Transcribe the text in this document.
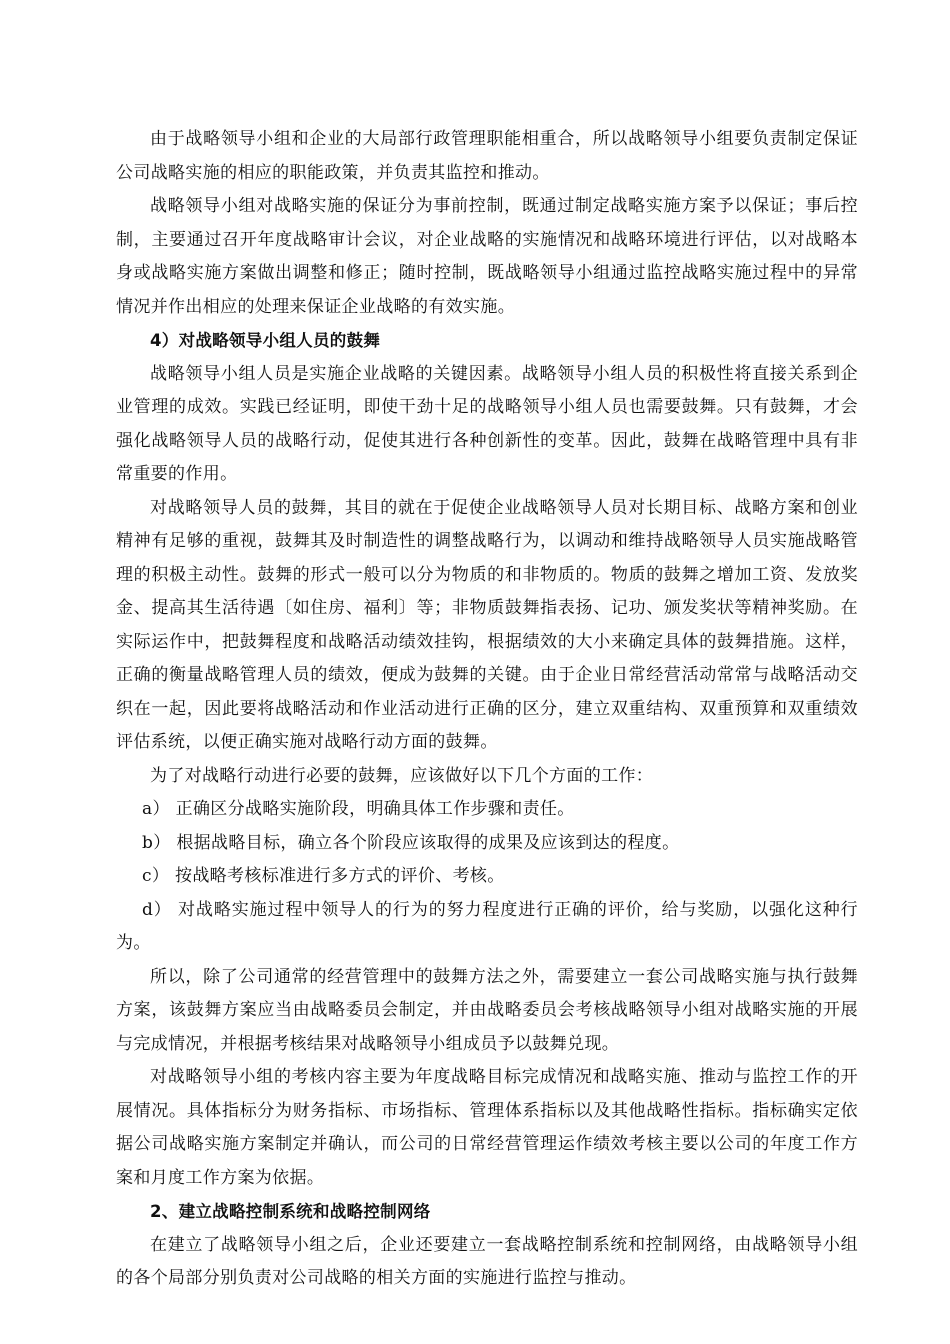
由于战略领导小组和企业的大局部行政管理职能相重合，所以战略领导小组要负责制定保证公司战略实施的相应的职能政策，并负责其监控和推动。

战略领导小组对战略实施的保证分为事前控制，既通过制定战略实施方案予以保证；事后控制，主要通过召开年度战略审计会议，对企业战略的实施情况和战略环境进行评估，以对战略本身或战略实施方案做出调整和修正；随时控制，既战略领导小组通过监控战略实施过程中的异常情况并作出相应的处理来保证企业战略的有效实施。

4）对战略领导小组人员的鼓舞

战略领导小组人员是实施企业战略的关键因素。战略领导小组人员的积极性将直接关系到企业管理的成效。实践已经证明，即使干劲十足的战略领导小组人员也需要鼓舞。只有鼓舞，才会强化战略领导人员的战略行动，促使其进行各种创新性的变革。因此，鼓舞在战略管理中具有非常重要的作用。

对战略领导人员的鼓舞，其目的就在于促使企业战略领导人员对长期目标、战略方案和创业精神有足够的重视，鼓舞其及时制造性的调整战略行为，以调动和维持战略领导人员实施战略管理的积极主动性。鼓舞的形式一般可以分为物质的和非物质的。物质的鼓舞之增加工资、发放奖金、提高其生活待遇〔如住房、福利〕等；非物质鼓舞指表扬、记功、颁发奖状等精神奖励。在实际运作中，把鼓舞程度和战略活动绩效挂钩，根据绩效的大小来确定具体的鼓舞措施。这样，正确的衡量战略管理人员的绩效，便成为鼓舞的关键。由于企业日常经营活动常常与战略活动交织在一起，因此要将战略活动和作业活动进行正确的区分，建立双重结构、双重预算和双重绩效评估系统，以便正确实施对战略行动方面的鼓舞。

为了对战略行动进行必要的鼓舞，应该做好以下几个方面的工作：

a） 正确区分战略实施阶段，明确具体工作步骤和责任。

b） 根据战略目标，确立各个阶段应该取得的成果及应该到达的程度。

c） 按战略考核标准进行多方式的评价、考核。

d） 对战略实施过程中领导人的行为的努力程度进行正确的评价，给与奖励，以强化这种行为。

所以，除了公司通常的经营管理中的鼓舞方法之外，需要建立一套公司战略实施与执行鼓舞方案，该鼓舞方案应当由战略委员会制定，并由战略委员会考核战略领导小组对战略实施的开展与完成情况，并根据考核结果对战略领导小组成员予以鼓舞兑现。

对战略领导小组的考核内容主要为年度战略目标完成情况和战略实施、推动与监控工作的开展情况。具体指标分为财务指标、市场指标、管理体系指标以及其他战略性指标。指标确实定依据公司战略实施方案制定并确认，而公司的日常经营管理运作绩效考核主要以公司的年度工作方案和月度工作方案为依据。

2、建立战略控制系统和战略控制网络

在建立了战略领导小组之后，企业还要建立一套战略控制系统和控制网络，由战略领导小组的各个局部分别负责对公司战略的相关方面的实施进行监控与推动。
